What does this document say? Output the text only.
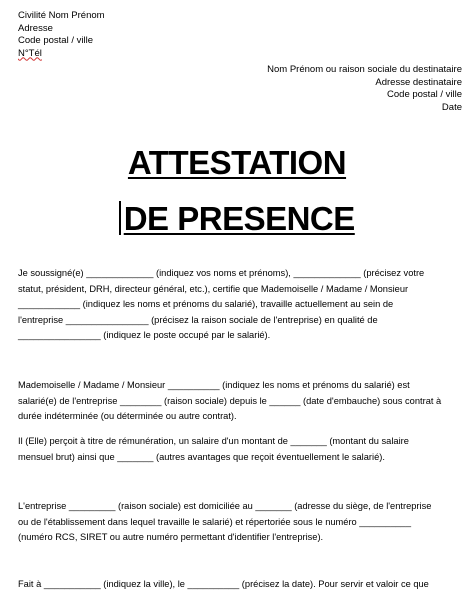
Civilité Nom Prénom
Adresse
Code postal / ville
N°Tél
Nom Prénom ou raison sociale du destinataire
Adresse destinataire
Code postal / ville
Date
ATTESTATION
DE PRESENCE

Je soussigné(e) _____________ (indiquez vos noms et prénoms), _____________ (précisez votre

statut, président, DRH, directeur général, etc.), certifie que Mademoiselle / Madame / Monsieur

____________ (indiquez les noms et prénoms du salarié), travaille actuellement au sein de

l'entreprise ________________ (précisez la raison sociale de l'entreprise) en qualité de

________________ (indiquez le poste occupé par le salarié).

Mademoiselle / Madame / Monsieur __________ (indiquez les noms et prénoms du salarié) est

salarié(e) de l'entreprise ________ (raison sociale) depuis le ______ (date d'embauche) sous contrat à

durée indéterminée (ou déterminée ou autre contrat).

Il (Elle) perçoit à titre de rémunération, un salaire d'un montant de _______ (montant du salaire

mensuel brut) ainsi que _______ (autres avantages que reçoit éventuellement le salarié).

L'entreprise _________ (raison sociale) est domiciliée au _______ (adresse du siège, de l'entreprise

ou de l'établissement dans lequel travaille le salarié) et répertoriée sous le numéro __________

(numéro RCS, SIRET ou autre numéro permettant d'identifier l'entreprise).

Fait à ___________ (indiquez la ville), le __________ (précisez la date). Pour servir et valoir ce que
